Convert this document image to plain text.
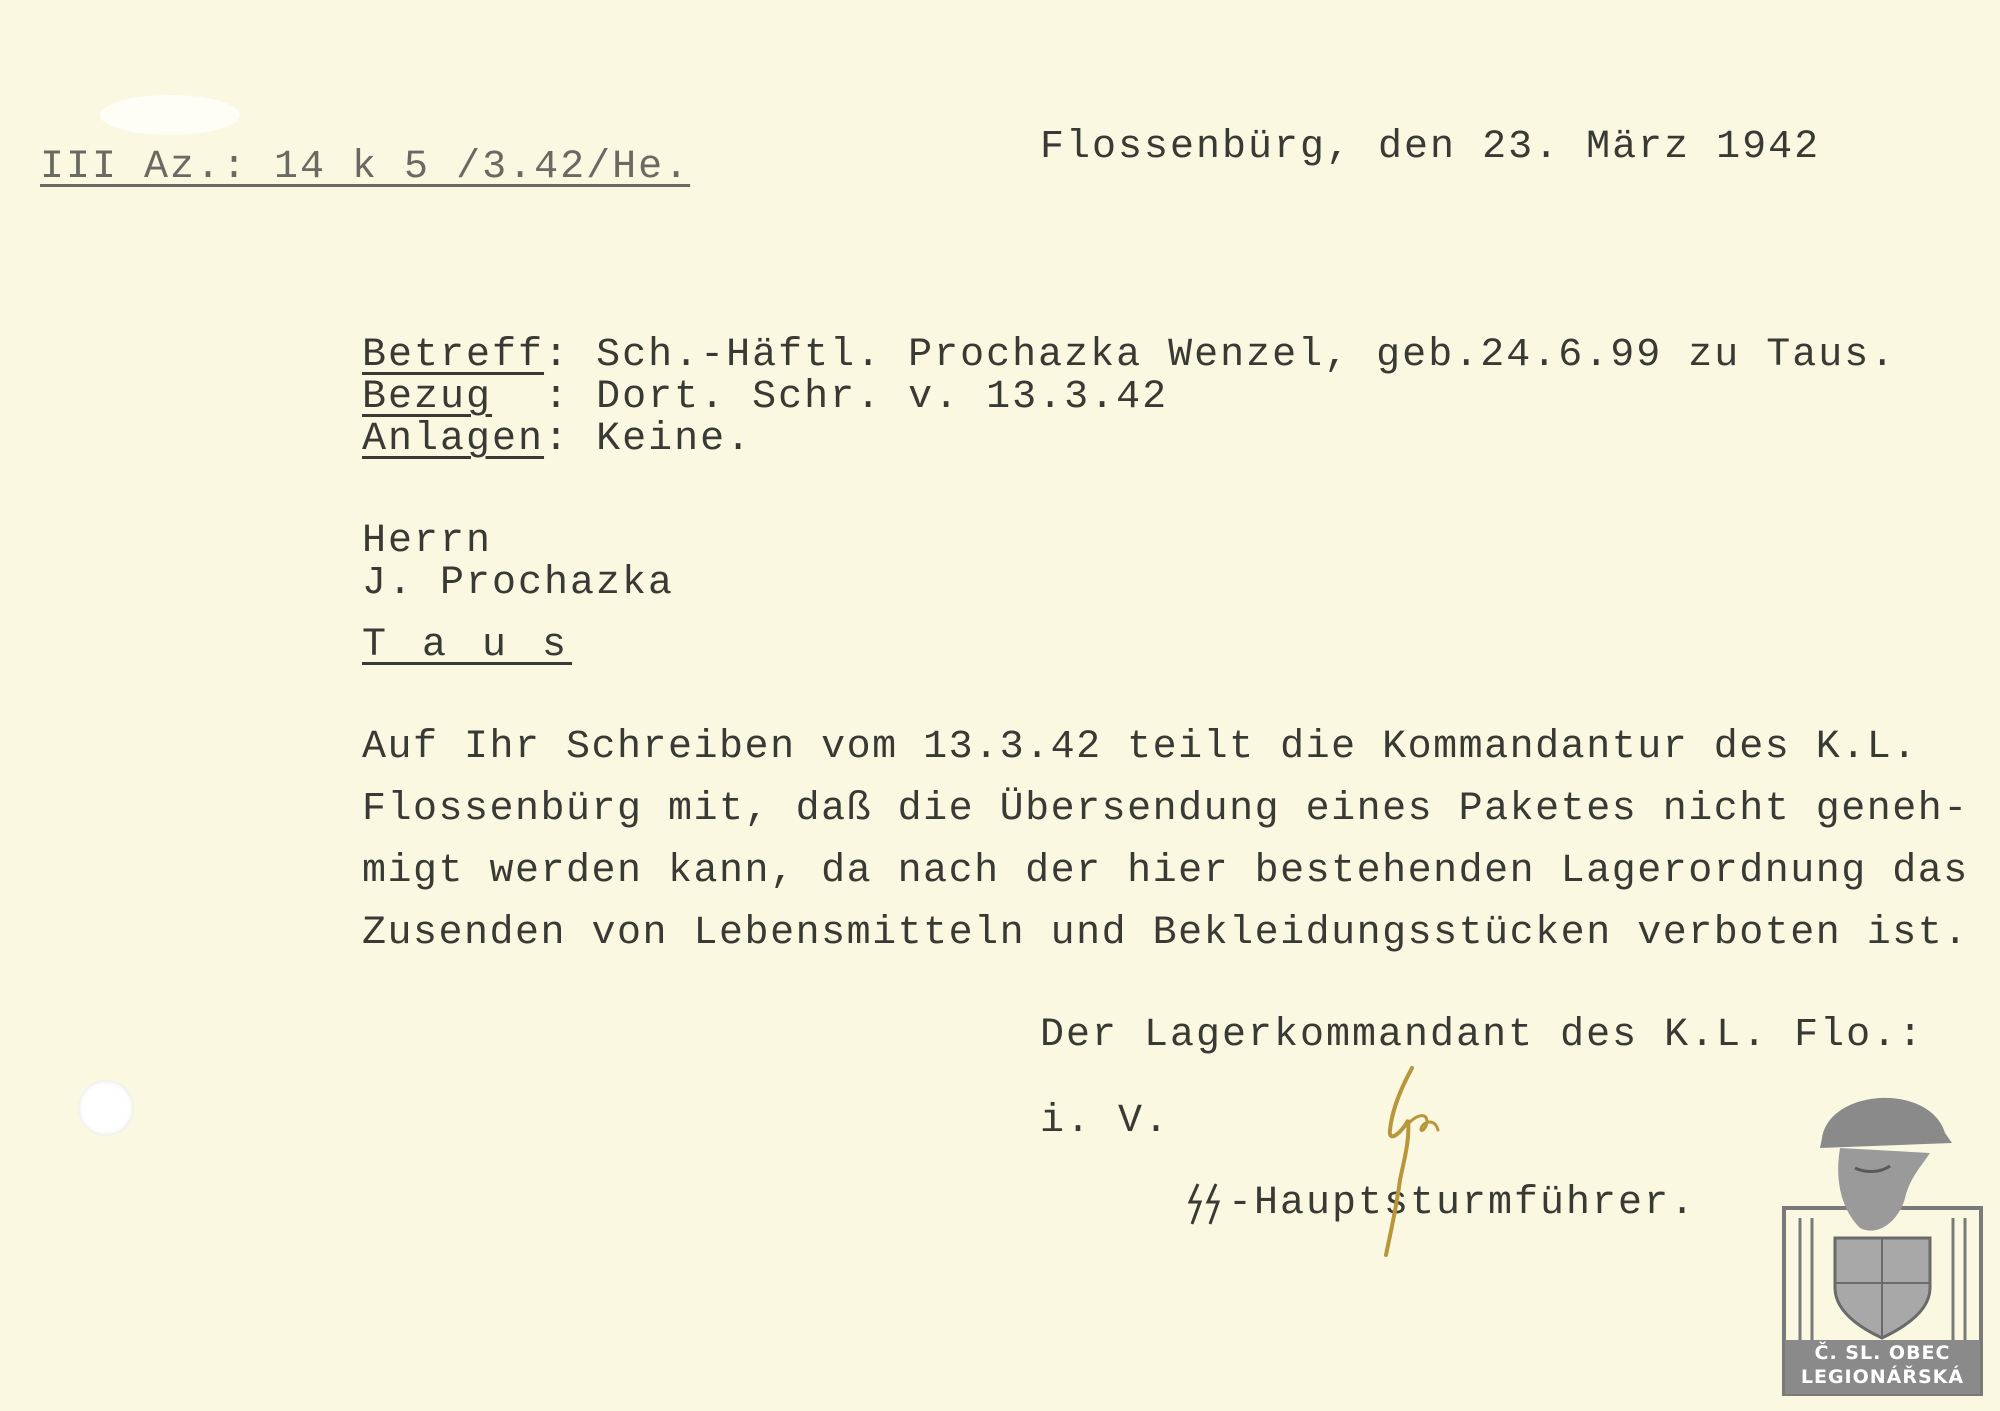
III Az.: 14 k 5 /3.42/He.	Flossenbürg, den 23. März 1942
Betreff: Sch.-Häftl. Prochazka Wenzel, geb.24.6.99 zu Taus.
Bezug  : Dort. Schr. v. 13.3.42
Anlagen: Keine.
Herrn
J. Prochazka
T a u s
Auf Ihr Schreiben vom 13.3.42 teilt die Kommandantur des K.L.
Flossenbürg mit, daß die Übersendung eines Paketes nicht geneh-
migt werden kann, da nach der hier bestehenden Lagerordnung das
Zusenden von Lebensmitteln und Bekleidungsstücken verboten ist.
Der Lagerkommandant des K.L. Flo.:
i. V.
-Hauptsturmführer.
Č. SL. OBEC
LEGIONÁŘSKÁ
